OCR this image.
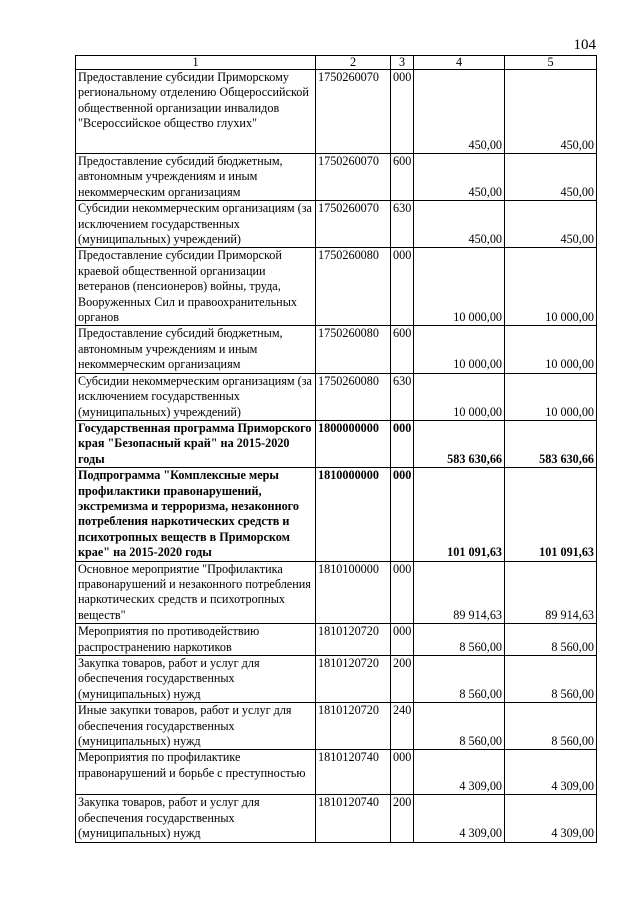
104
1	2	3	4	5
Предоставление субсидии Приморскому региональному отделению Общероссийской общественной организации инвалидов "Всероссийское общество глухих"	1750260070	000	450,00	450,00
Предоставление субсидий бюджетным, автономным учреждениям и иным некоммерческим организациям	1750260070	600	450,00	450,00
Субсидии некоммерческим организациям (за исключением государственных (муниципальных) учреждений)	1750260070	630	450,00	450,00
Предоставление субсидии Приморской краевой общественной организации ветеранов (пенсионеров) войны, труда, Вооруженных Сил и правоохранительных органов	1750260080	000	10 000,00	10 000,00
Предоставление субсидий бюджетным, автономным учреждениям и иным некоммерческим организациям	1750260080	600	10 000,00	10 000,00
Субсидии некоммерческим организациям (за исключением государственных (муниципальных) учреждений)	1750260080	630	10 000,00	10 000,00
Государственная программа Приморского края "Безопасный край" на 2015-2020 годы	1800000000	000	583 630,66	583 630,66
Подпрограмма "Комплексные меры профилактики правонарушений, экстремизма и терроризма, незаконного потребления наркотических средств и психотропных веществ в Приморском крае" на 2015-2020 годы	1810000000	000	101 091,63	101 091,63
Основное мероприятие "Профилактика правонарушений и незаконного потребления наркотических средств и психотропных веществ"	1810100000	000	89 914,63	89 914,63
Мероприятия по противодействию распространению наркотиков	1810120720	000	8 560,00	8 560,00
Закупка товаров, работ и услуг для обеспечения государственных (муниципальных) нужд	1810120720	200	8 560,00	8 560,00
Иные закупки товаров, работ и услуг для обеспечения государственных (муниципальных) нужд	1810120720	240	8 560,00	8 560,00
Мероприятия по профилактике правонарушений и борьбе с преступностью	1810120740	000	4 309,00	4 309,00
Закупка товаров, работ и услуг для обеспечения государственных (муниципальных) нужд	1810120740	200	4 309,00	4 309,00
